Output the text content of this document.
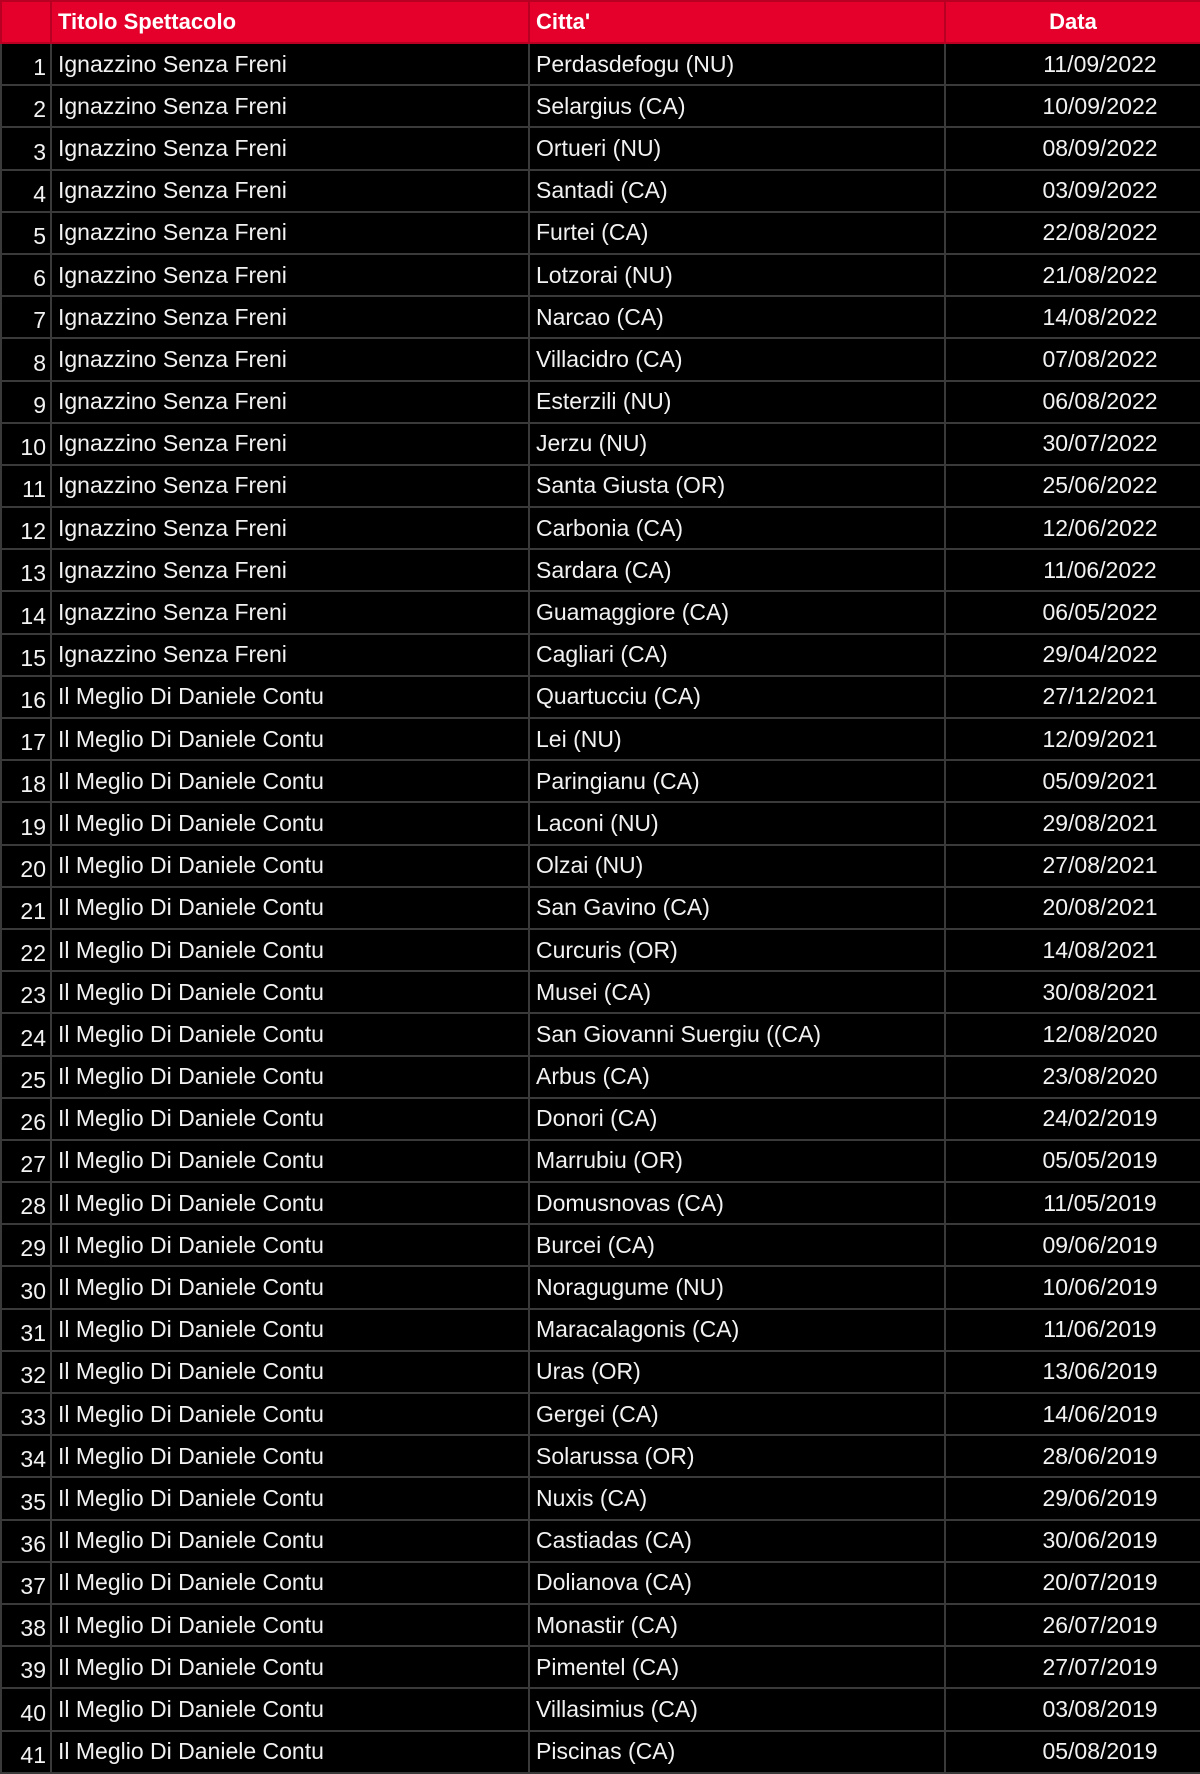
	Titolo Spettacolo	Citta'	Data
1	Ignazzino Senza Freni	Perdasdefogu (NU)	11/09/2022
2	Ignazzino Senza Freni	Selargius (CA)	10/09/2022
3	Ignazzino Senza Freni	Ortueri (NU)	08/09/2022
4	Ignazzino Senza Freni	Santadi (CA)	03/09/2022
5	Ignazzino Senza Freni	Furtei (CA)	22/08/2022
6	Ignazzino Senza Freni	Lotzorai (NU)	21/08/2022
7	Ignazzino Senza Freni	Narcao (CA)	14/08/2022
8	Ignazzino Senza Freni	Villacidro (CA)	07/08/2022
9	Ignazzino Senza Freni	Esterzili (NU)	06/08/2022
10	Ignazzino Senza Freni	Jerzu (NU)	30/07/2022
11	Ignazzino Senza Freni	Santa Giusta (OR)	25/06/2022
12	Ignazzino Senza Freni	Carbonia (CA)	12/06/2022
13	Ignazzino Senza Freni	Sardara (CA)	11/06/2022
14	Ignazzino Senza Freni	Guamaggiore (CA)	06/05/2022
15	Ignazzino Senza Freni	Cagliari (CA)	29/04/2022
16	Il Meglio Di Daniele Contu	Quartucciu (CA)	27/12/2021
17	Il Meglio Di Daniele Contu	Lei (NU)	12/09/2021
18	Il Meglio Di Daniele Contu	Paringianu (CA)	05/09/2021
19	Il Meglio Di Daniele Contu	Laconi (NU)	29/08/2021
20	Il Meglio Di Daniele Contu	Olzai (NU)	27/08/2021
21	Il Meglio Di Daniele Contu	San Gavino (CA)	20/08/2021
22	Il Meglio Di Daniele Contu	Curcuris (OR)	14/08/2021
23	Il Meglio Di Daniele Contu	Musei (CA)	30/08/2021
24	Il Meglio Di Daniele Contu	San Giovanni Suergiu ((CA)	12/08/2020
25	Il Meglio Di Daniele Contu	Arbus (CA)	23/08/2020
26	Il Meglio Di Daniele Contu	Donori (CA)	24/02/2019
27	Il Meglio Di Daniele Contu	Marrubiu (OR)	05/05/2019
28	Il Meglio Di Daniele Contu	Domusnovas (CA)	11/05/2019
29	Il Meglio Di Daniele Contu	Burcei (CA)	09/06/2019
30	Il Meglio Di Daniele Contu	Noragugume (NU)	10/06/2019
31	Il Meglio Di Daniele Contu	Maracalagonis (CA)	11/06/2019
32	Il Meglio Di Daniele Contu	Uras (OR)	13/06/2019
33	Il Meglio Di Daniele Contu	Gergei (CA)	14/06/2019
34	Il Meglio Di Daniele Contu	Solarussa (OR)	28/06/2019
35	Il Meglio Di Daniele Contu	Nuxis (CA)	29/06/2019
36	Il Meglio Di Daniele Contu	Castiadas (CA)	30/06/2019
37	Il Meglio Di Daniele Contu	Dolianova (CA)	20/07/2019
38	Il Meglio Di Daniele Contu	Monastir (CA)	26/07/2019
39	Il Meglio Di Daniele Contu	Pimentel (CA)	27/07/2019
40	Il Meglio Di Daniele Contu	Villasimius (CA)	03/08/2019
41	Il Meglio Di Daniele Contu	Piscinas (CA)	05/08/2019
